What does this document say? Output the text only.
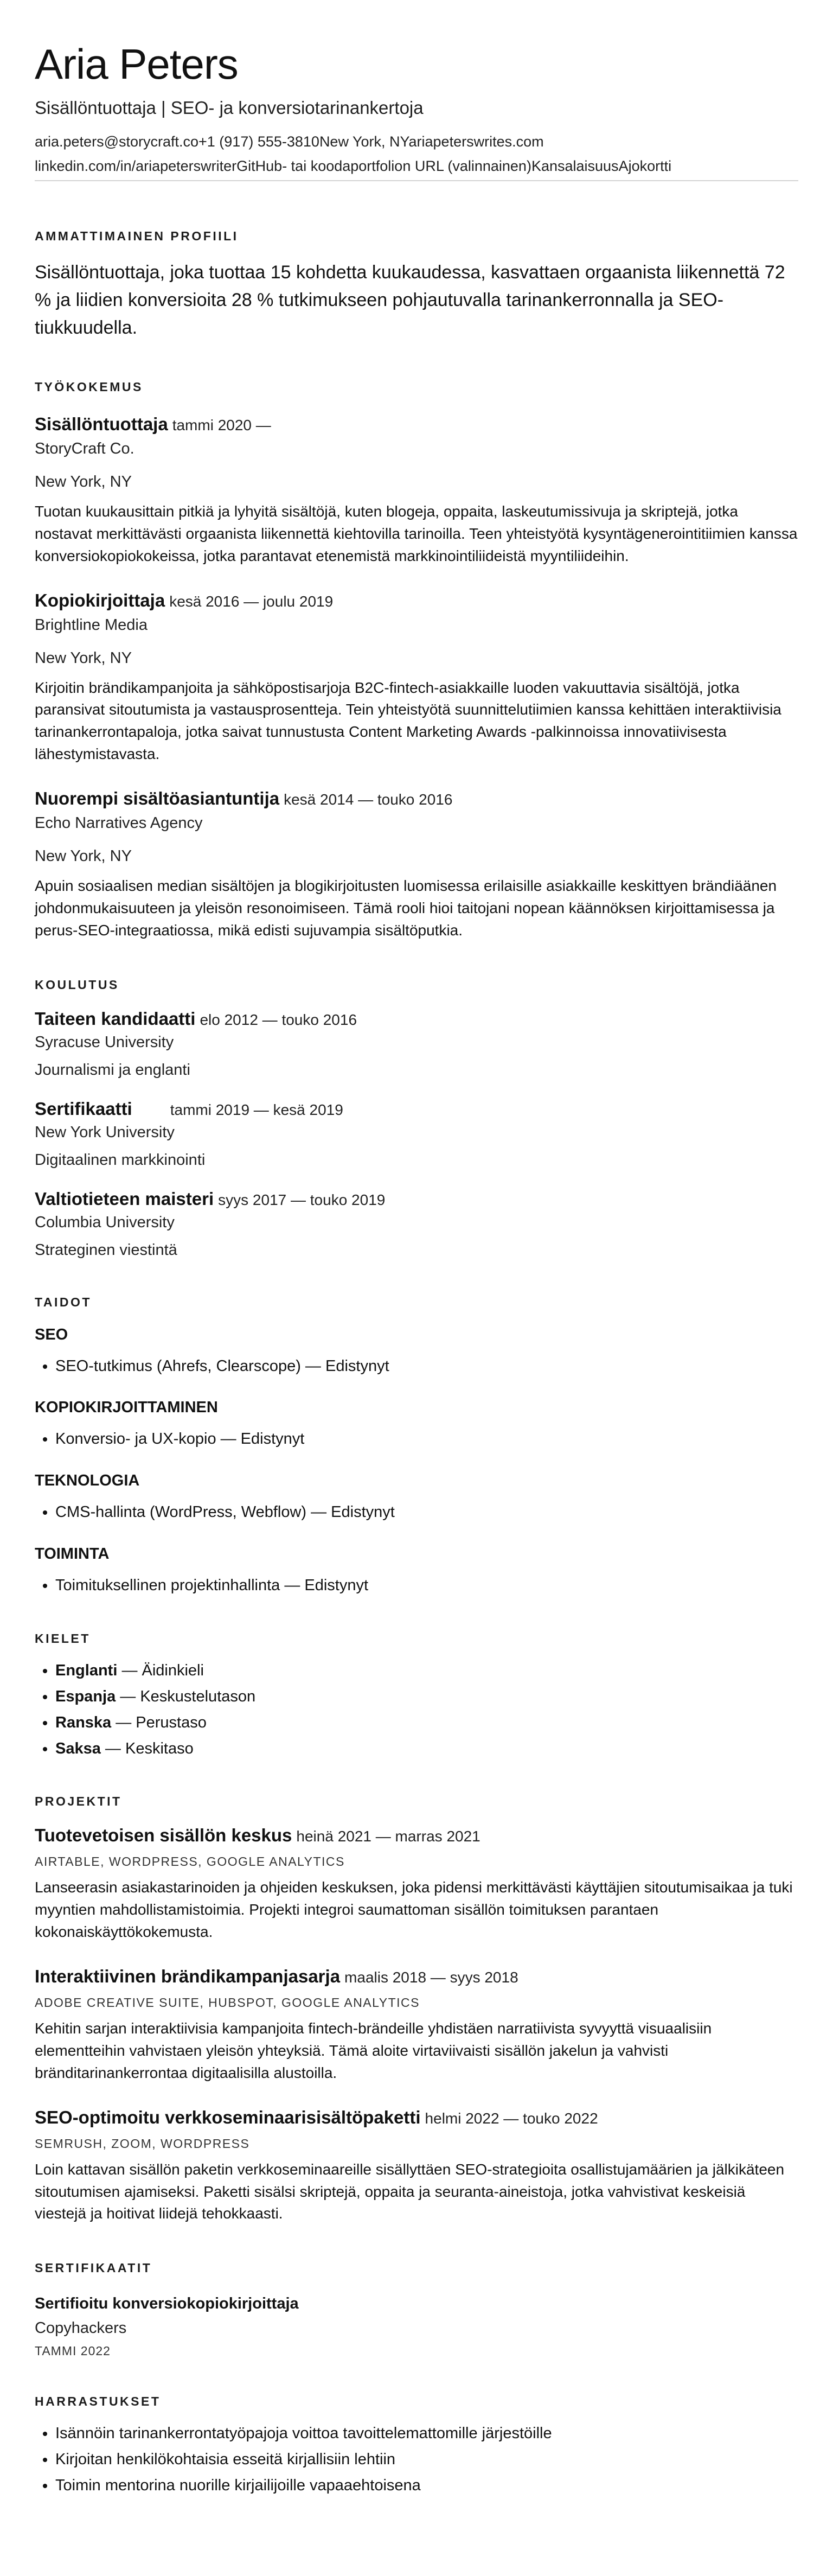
Aria Peters
Sisällöntuottaja | SEO- ja konversiotarinankertoja
aria.peters@storycraft.co+1 (917) 555-3810New York, NYariapeterswrites.com
linkedin.com/in/ariapeterswriterGitHub- tai koodaportfolion URL (valinnainen)KansalaisuusAjokortti
AMMATTIMAINEN PROFIILI
Sisällöntuottaja, joka tuottaa 15 kohdetta kuukaudessa, kasvattaen orgaanista liikennettä 72 % ja liidien konversioita 28 % tutkimukseen pohjautuvalla tarinankerronnalla ja SEO-tiukkuudella.
TYÖKOKEMUS
Sisällöntuottaja tammi 2020 —
StoryCraft Co.
New York, NY
Tuotan kuukausittain pitkiä ja lyhyitä sisältöjä, kuten blogeja, oppaita, laskeutumissivuja ja skriptejä, jotka nostavat merkittävästi orgaanista liikennettä kiehtovilla tarinoilla. Teen yhteistyötä kysyntägenerointitiimien kanssa konversiokopiokokeissa, jotka parantavat etenemistä markkinointiliideistä myyntiliideihin.
Kopiokirjoittaja kesä 2016 — joulu 2019
Brightline Media
New York, NY
Kirjoitin brändikampanjoita ja sähköpostisarjoja B2C-fintech-asiakkaille luoden vakuuttavia sisältöjä, jotka paransivat sitoutumista ja vastausprosentteja. Tein yhteistyötä suunnittelutiimien kanssa kehittäen interaktiivisia tarinankerrontapaloja, jotka saivat tunnustusta Content Marketing Awards -palkinnoissa innovatiivisesta lähestymistavasta.
Nuorempi sisältöasiantuntija kesä 2014 — touko 2016
Echo Narratives Agency
New York, NY
Apuin sosiaalisen median sisältöjen ja blogikirjoitusten luomisessa erilaisille asiakkaille keskittyen brändiäänen johdonmukaisuuteen ja yleisön resonoimiseen. Tämä rooli hioi taitojani nopean käännöksen kirjoittamisessa ja perus-SEO-integraatiossa, mikä edisti sujuvampia sisältöputkia.
KOULUTUS
Taiteen kandidaatti elo 2012 — touko 2016
Syracuse University
Journalismi ja englanti
Sertifikaatti	tammi 2019 — kesä 2019
New York University
Digitaalinen markkinointi
Valtiotieteen maisteri syys 2017 — touko 2019
Columbia University
Strateginen viestintä
TAIDOT
SEO
• SEO-tutkimus (Ahrefs, Clearscope) — Edistynyt
KOPIOKIRJOITTAMINEN
• Konversio- ja UX-kopio — Edistynyt
TEKNOLOGIA
• CMS-hallinta (WordPress, Webflow) — Edistynyt
TOIMINTA
• Toimituksellinen projektinhallinta — Edistynyt
KIELET
• Englanti — Äidinkieli
• Espanja — Keskustelutason
• Ranska — Perustaso
• Saksa — Keskitaso
PROJEKTIT
Tuotevetoisen sisällön keskus heinä 2021 — marras 2021
AIRTABLE, WORDPRESS, GOOGLE ANALYTICS
Lanseerasin asiakastarinoiden ja ohjeiden keskuksen, joka pidensi merkittävästi käyttäjien sitoutumisaikaa ja tuki myyntien mahdollistamistoimia. Projekti integroi saumattoman sisällön toimituksen parantaen kokonaiskäyttökokemusta.
Interaktiivinen brändikampanjasarja maalis 2018 — syys 2018
ADOBE CREATIVE SUITE, HUBSPOT, GOOGLE ANALYTICS
Kehitin sarjan interaktiivisia kampanjoita fintech-brändeille yhdistäen narratiivista syvyyttä visuaalisiin elementteihin vahvistaen yleisön yhteyksiä. Tämä aloite virtaviivaisti sisällön jakelun ja vahvisti bränditarinankerrontaa digitaalisilla alustoilla.
SEO-optimoitu verkkoseminaarisisältöpaketti helmi 2022 — touko 2022
SEMRUSH, ZOOM, WORDPRESS
Loin kattavan sisällön paketin verkkoseminaareille sisällyttäen SEO-strategioita osallistujamäärien ja jälkikäteen sitoutumisen ajamiseksi. Paketti sisälsi skriptejä, oppaita ja seuranta-aineistoja, jotka vahvistivat keskeisiä viestejä ja hoitivat liidejä tehokkaasti.
SERTIFIKAATIT
Sertifioitu konversiokopiokirjoittaja
Copyhackers
TAMMI 2022
HARRASTUKSET
• Isännöin tarinankerrontatyöpajoja voittoa tavoittelemattomille järjestöille
• Kirjoitan henkilökohtaisia esseitä kirjallisiin lehtiin
• Toimin mentorina nuorille kirjailijoille vapaaehtoisena
